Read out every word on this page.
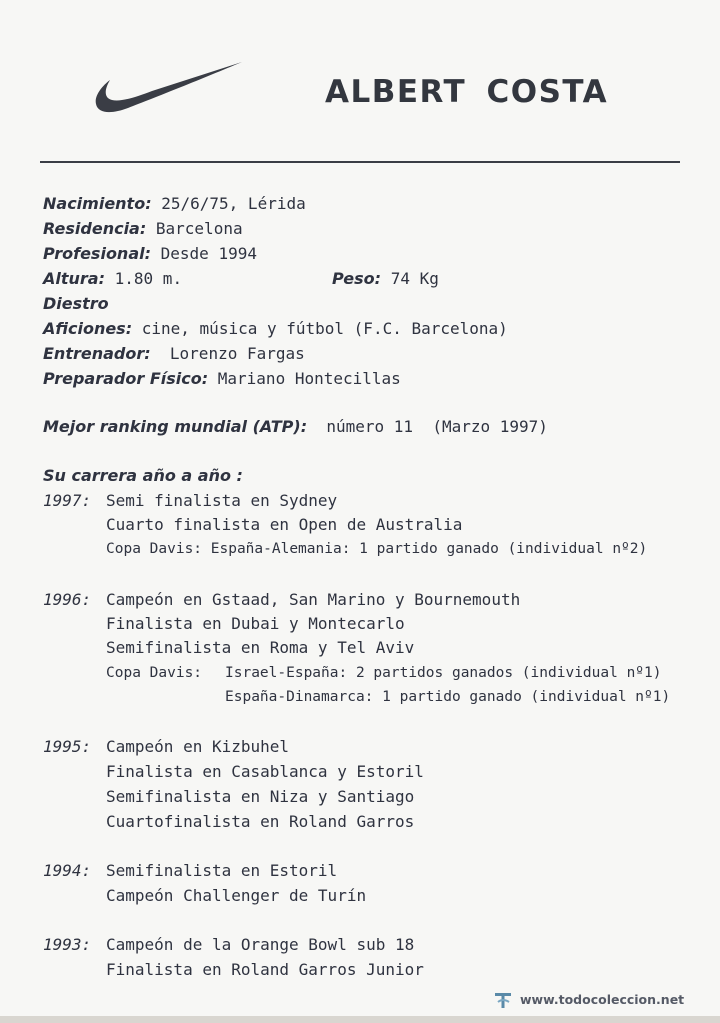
ALBERT COSTA
Nacimiento: 25/6/75, Lérida
Residencia: Barcelona
Profesional: Desde 1994
Altura: 1.80 m.	Peso: 74 Kg
Diestro
Aficiones: cine, música y fútbol (F.C. Barcelona)
Entrenador: Lorenzo Fargas
Preparador Físico: Mariano Hontecillas
Mejor ranking mundial (ATP): número 11 (Marzo 1997)
Su carrera año a año :
1997: Semi finalista en Sydney
Cuarto finalista en Open de Australia
Copa Davis: España-Alemania: 1 partido ganado (individual nº2)
1996: Campeón en Gstaad, San Marino y Bournemouth
Finalista en Dubai y Montecarlo
Semifinalista en Roma y Tel Aviv
Copa Davis: Israel-España: 2 partidos ganados (individual nº1)
España-Dinamarca: 1 partido ganado (individual nº1)
1995: Campeón en Kizbuhel
Finalista en Casablanca y Estoril
Semifinalista en Niza y Santiago
Cuartofinalista en Roland Garros
1994: Semifinalista en Estoril
Campeón Challenger de Turín
1993: Campeón de la Orange Bowl sub 18
Finalista en Roland Garros Junior
www.todocoleccion.net
